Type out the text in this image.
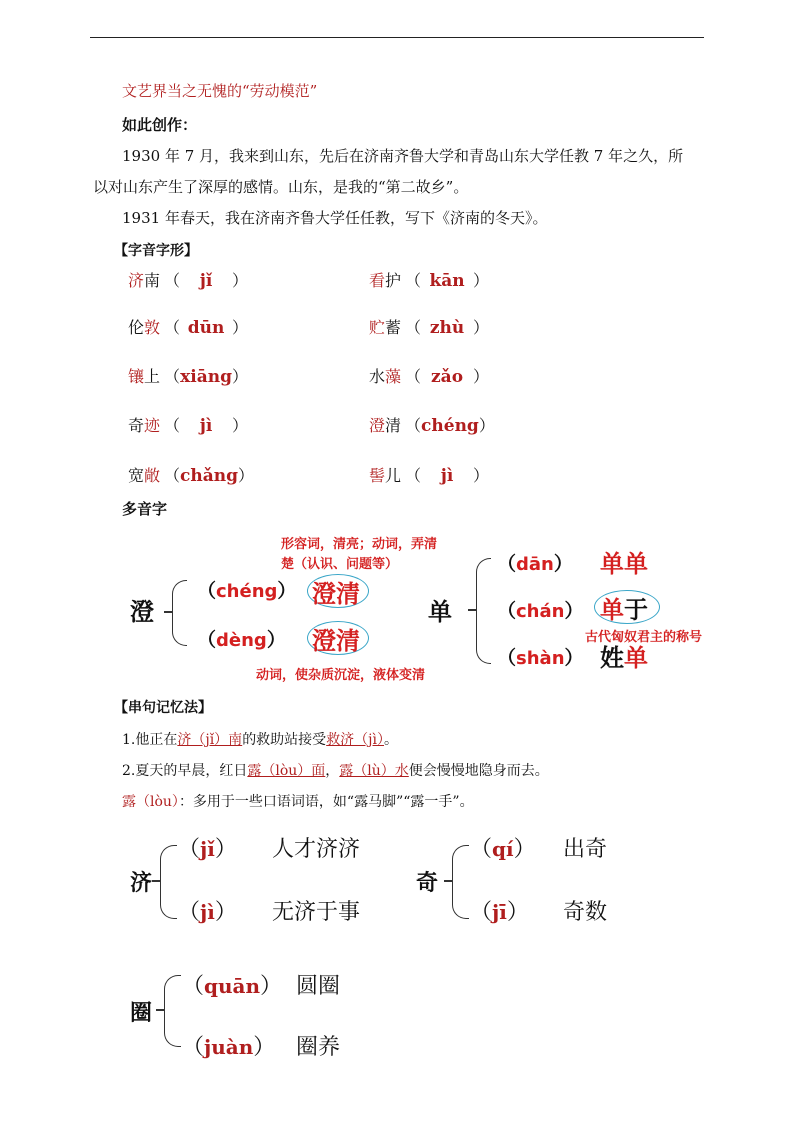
文艺界当之无愧的“劳动模范”
如此创作：
1930 年 7 月，我来到山东，先后在济南齐鲁大学和青岛山东大学任教 7 年之久，所
以对山东产生了深厚的感情。山东，是我的“第二故乡”。
1931 年春天，我在济南齐鲁大学任任教，写下《济南的冬天》。
【字音字形】
济南 （ jǐ ）	看护 （ kān ）
伦敦 （ dūn ）	贮蓄 （ zhù ）
镶上 （xiāng）	水藻 （ zǎo ）
奇迹 （ jì ）	澄清 （chéng）
宽敞 （chǎng）	髻儿 （ jì ）
多音字
形容词，清亮；动词，弄清
楚（认识、问题等）
澄
（chéng） 澄清
（dèng） 澄清
动词，使杂质沉淀，液体变清
单
（dān） 单单
（chán） 单于
古代匈奴君主的称号
（shàn） 姓单
【串句记忆法】
1.他正在济（jǐ）南的救助站接受救济（jì）。
2.夏天的早晨，红日露（lòu）面，露（lù）水便会慢慢地隐身而去。
露（lòu）：多用于一些口语词语，如“露马脚”“露一手”。
济
（jǐ） 人才济济
（jì） 无济于事
奇
（qí） 出奇
（jī） 奇数
圈
（quān） 圆圈
（juàn） 圈养
